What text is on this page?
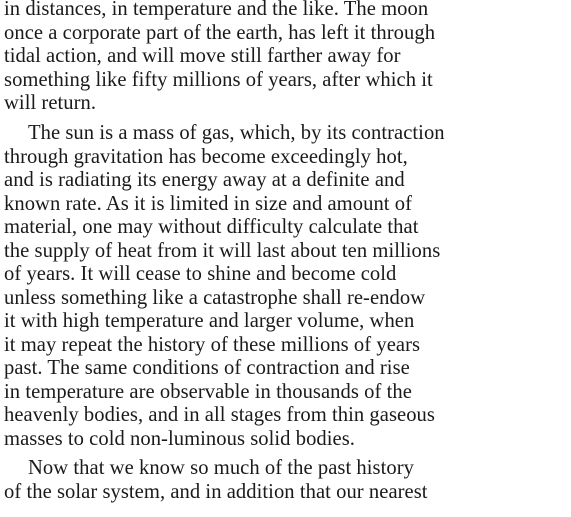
in distances, in temperature and the like. The moon
once a corporate part of the earth, has left it through
tidal action, and will move still farther away for
something like fifty millions of years, after which it
will return.
The sun is a mass of gas, which, by its contraction
through gravitation has become exceedingly hot,
and is radiating its energy away at a definite and
known rate. As it is limited in size and amount of
material, one may without difficulty calculate that
the supply of heat from it will last about ten millions
of years. It will cease to shine and become cold
unless something like a catastrophe shall re-endow
it with high temperature and larger volume, when
it may repeat the history of these millions of years
past. The same conditions of contraction and rise
in temperature are observable in thousands of the
heavenly bodies, and in all stages from thin gaseous
masses to cold non-luminous solid bodies.
Now that we know so much of the past history
of the solar system, and in addition that our nearest
